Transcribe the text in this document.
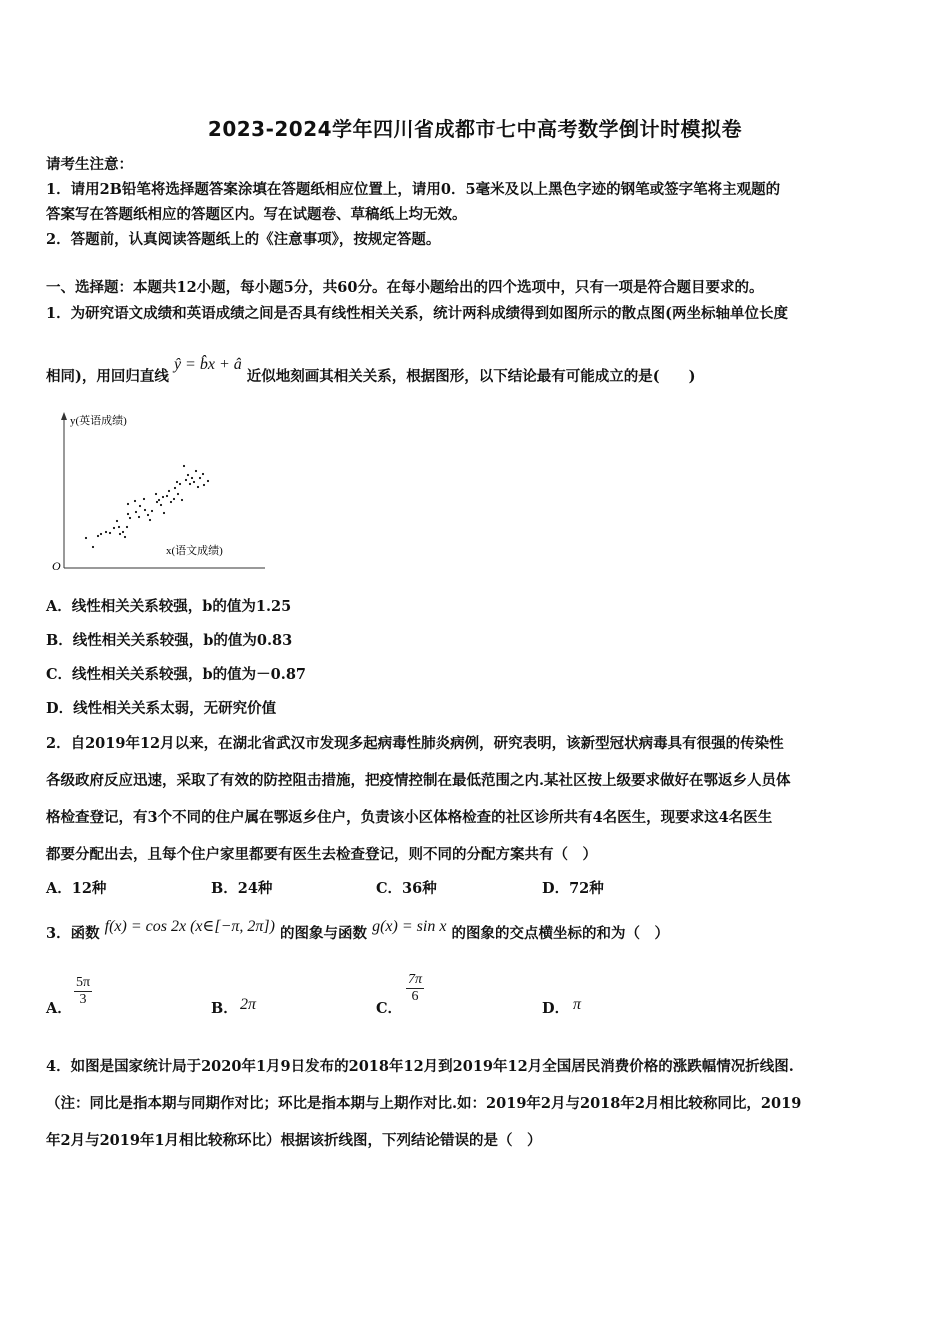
2023-2024学年四川省成都市七中高考数学倒计时模拟卷
请考生注意：
1．请用2B铅笔将选择题答案涂填在答题纸相应位置上，请用0．5毫米及以上黑色字迹的钢笔或签字笔将主观题的
答案写在答题纸相应的答题区内。写在试题卷、草稿纸上均无效。
2．答题前，认真阅读答题纸上的《注意事项》，按规定答题。
一、选择题：本题共12小题，每小题5分，共60分。在每小题给出的四个选项中，只有一项是符合题目要求的。
1．为研究语文成绩和英语成绩之间是否具有线性相关关系，统计两科成绩得到如图所示的散点图(两坐标轴单位长度
相同)，用回归直线 ŷ = b̂x + â 近似地刻画其相关关系，根据图形，以下结论最有可能成立的是(　　)
y(英语成绩)
x(语文成绩)
O
A．线性相关关系较强，b的值为1.25
B．线性相关关系较强，b的值为0.83
C．线性相关关系较强，b的值为－0.87
D．线性相关关系太弱，无研究价值
2．自2019年12月以来，在湖北省武汉市发现多起病毒性肺炎病例，研究表明，该新型冠状病毒具有很强的传染性
各级政府反应迅速，采取了有效的防控阻击措施，把疫情控制在最低范围之内.某社区按上级要求做好在鄂返乡人员体
格检查登记，有3个不同的住户属在鄂返乡住户，负责该小区体格检查的社区诊所共有4名医生，现要求这4名医生
都要分配出去，且每个住户家里都要有医生去检查登记，则不同的分配方案共有（　）
A．12种	B．24种	C．36种	D．72种
3．函数 f(x) = cos 2x (x∈[−π, 2π]) 的图象与函数 g(x) = sin x 的图象的交点横坐标的和为（　）
A．
$\frac{5\pi}{3}$
B． 2π	C．
$\frac{7\pi}{6}$
D． π
4．如图是国家统计局于2020年1月9日发布的2018年12月到2019年12月全国居民消费价格的涨跌幅情况折线图.
（注：同比是指本期与同期作对比；环比是指本期与上期作对比.如：2019年2月与2018年2月相比较称同比，2019
年2月与2019年1月相比较称环比）根据该折线图，下列结论错误的是（　）
